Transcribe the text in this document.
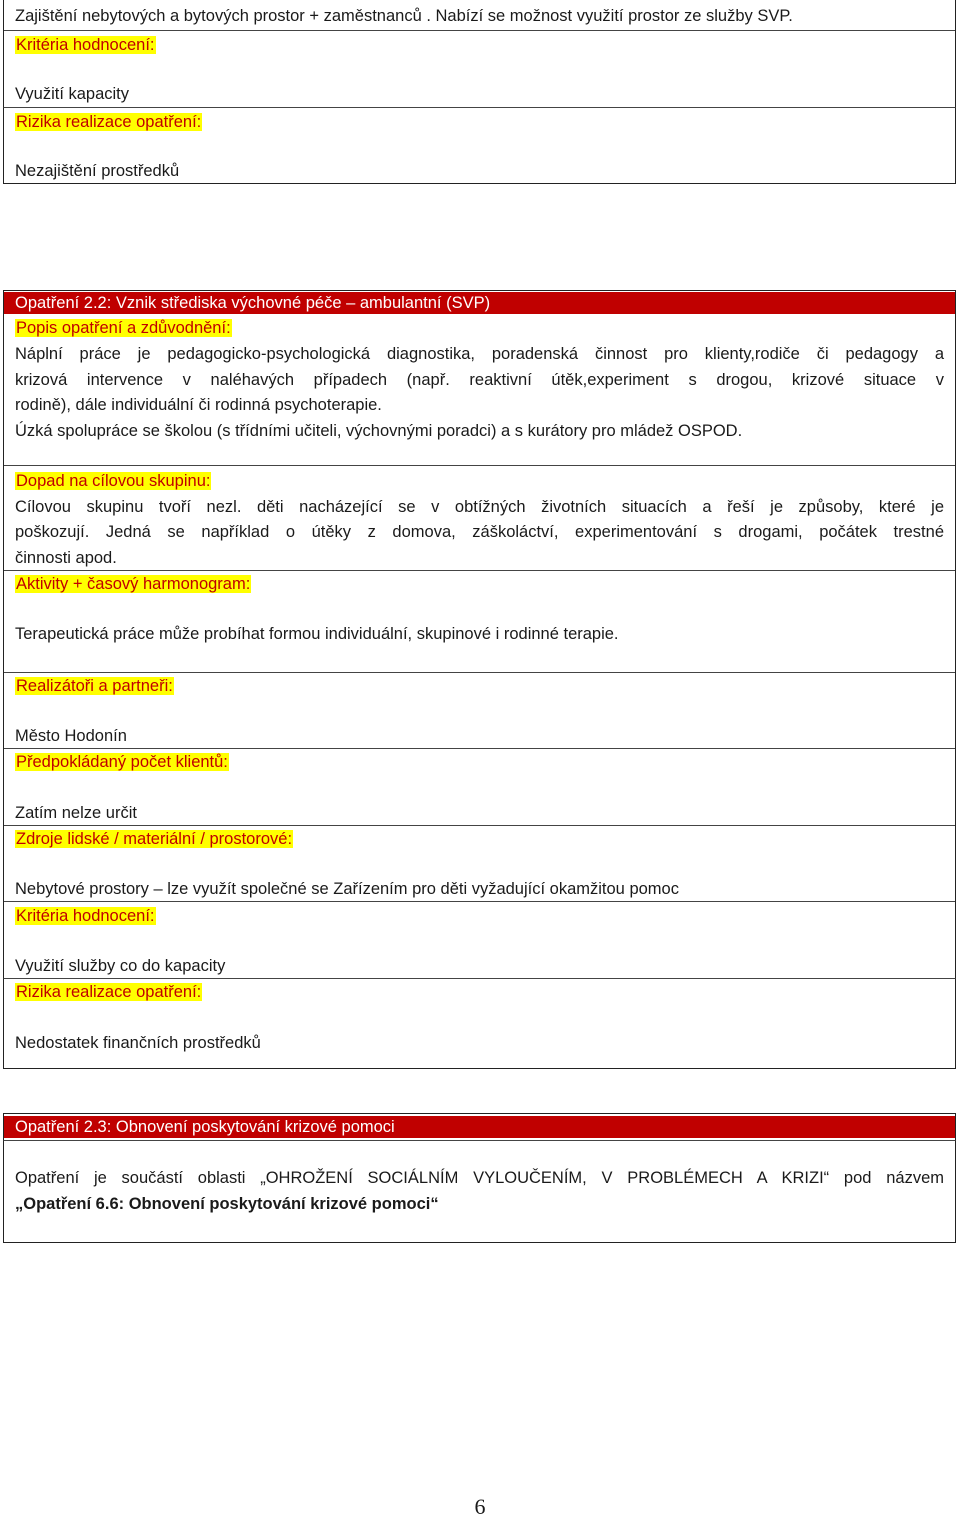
Zajištění nebytových a bytových prostor + zaměstnanců . Nabízí se možnost využití prostor ze služby SVP.
Kritéria hodnocení:
Využití kapacity
Rizika realizace opatření:
Nezajištění prostředků
Opatření 2.2: Vznik střediska výchovné péče – ambulantní (SVP)
Popis opatření a zdůvodnění:
Náplní práce je pedagogicko-psychologická diagnostika, poradenská činnost pro klienty,rodiče či pedagogy a
krizová intervence v naléhavých případech (např. reaktivní útěk,experiment s drogou, krizové situace v
rodině), dále individuální či rodinná psychoterapie.
Úzká spolupráce se školou (s třídními učiteli, výchovnými poradci) a s kurátory pro mládež OSPOD.
Dopad na cílovou skupinu:
Cílovou skupinu tvoří nezl. děti nacházející se v obtížných životních situacích a řeší je způsoby, které je
poškozují. Jedná se například o útěky z domova, záškoláctví, experimentování s drogami, počátek trestné
činnosti apod.
Aktivity + časový harmonogram:
Terapeutická práce může probíhat formou individuální, skupinové i rodinné terapie.
Realizátoři a partneři:
Město Hodonín
Předpokládaný počet klientů:
Zatím nelze určit
Zdroje lidské / materiální / prostorové:
Nebytové prostory – lze využít společné se Zařízením pro děti vyžadující okamžitou pomoc
Kritéria hodnocení:
Využití služby co do kapacity
Rizika realizace opatření:
Nedostatek finančních prostředků
Opatření 2.3: Obnovení poskytování krizové pomoci
Opatření je součástí oblasti „OHROŽENÍ SOCIÁLNÍM VYLOUČENÍM, V PROBLÉMECH A KRIZI“ pod názvem
„Opatření 6.6: Obnovení poskytování krizové pomoci“
6
